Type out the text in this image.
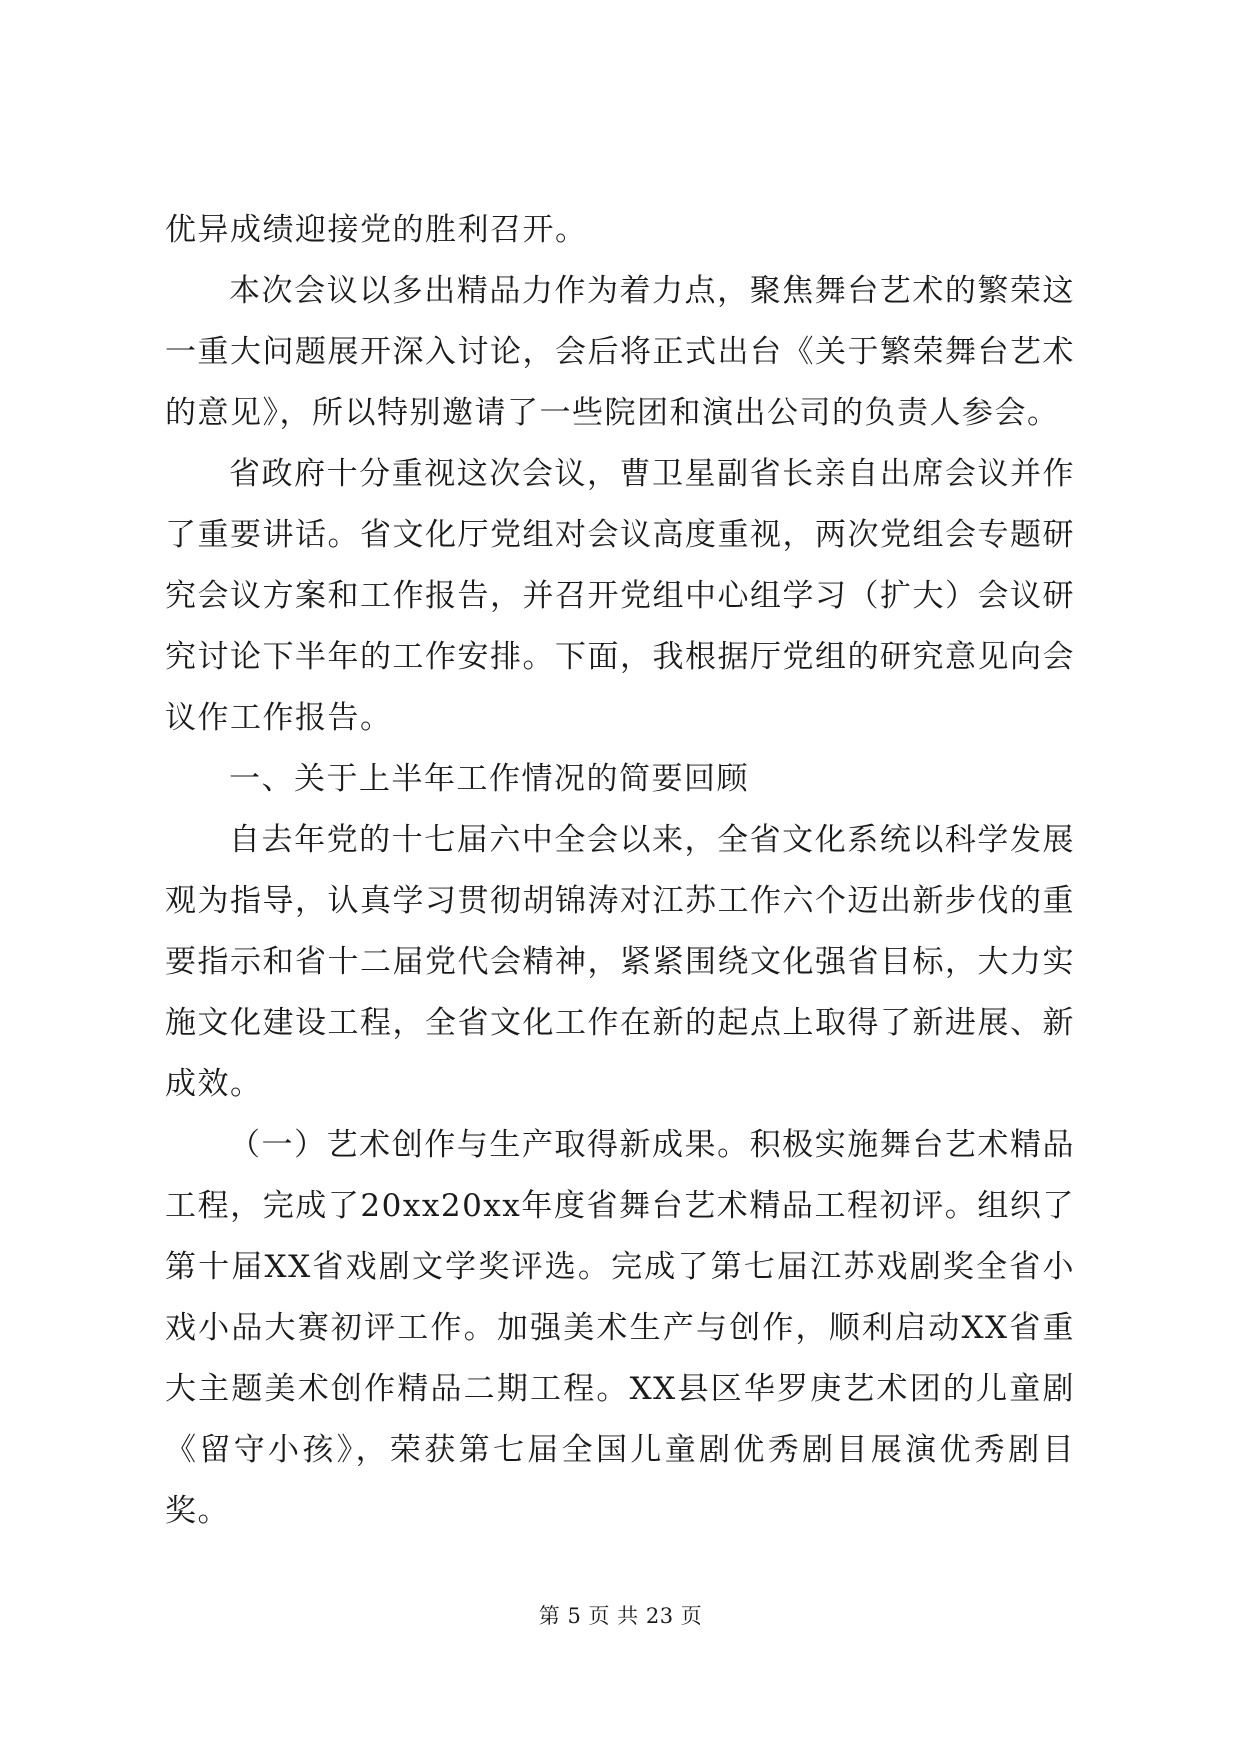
优异成绩迎接党的胜利召开。

本次会议以多出精品力作为着力点，聚焦舞台艺术的繁荣这一重大问题展开深入讨论，会后将正式出台《关于繁荣舞台艺术的意见》，所以特别邀请了一些院团和演出公司的负责人参会。

省政府十分重视这次会议，曹卫星副省长亲自出席会议并作了重要讲话。省文化厅党组对会议高度重视，两次党组会专题研究会议方案和工作报告，并召开党组中心组学习（扩大）会议研究讨论下半年的工作安排。下面，我根据厅党组的研究意见向会议作工作报告。

一、关于上半年工作情况的简要回顾

自去年党的十七届六中全会以来，全省文化系统以科学发展观为指导，认真学习贯彻胡锦涛对江苏工作六个迈出新步伐的重要指示和省十二届党代会精神，紧紧围绕文化强省目标，大力实施文化建设工程，全省文化工作在新的起点上取得了新进展、新成效。

（一）艺术创作与生产取得新成果。积极实施舞台艺术精品工程，完成了20xx20xx年度省舞台艺术精品工程初评。组织了第十届XX省戏剧文学奖评选。完成了第七届江苏戏剧奖全省小戏小品大赛初评工作。加强美术生产与创作，顺利启动XX省重大主题美术创作精品二期工程。XX县区华罗庚艺术团的儿童剧《留守小孩》，荣获第七届全国儿童剧优秀剧目展演优秀剧目奖。

第 5 页 共 23 页
